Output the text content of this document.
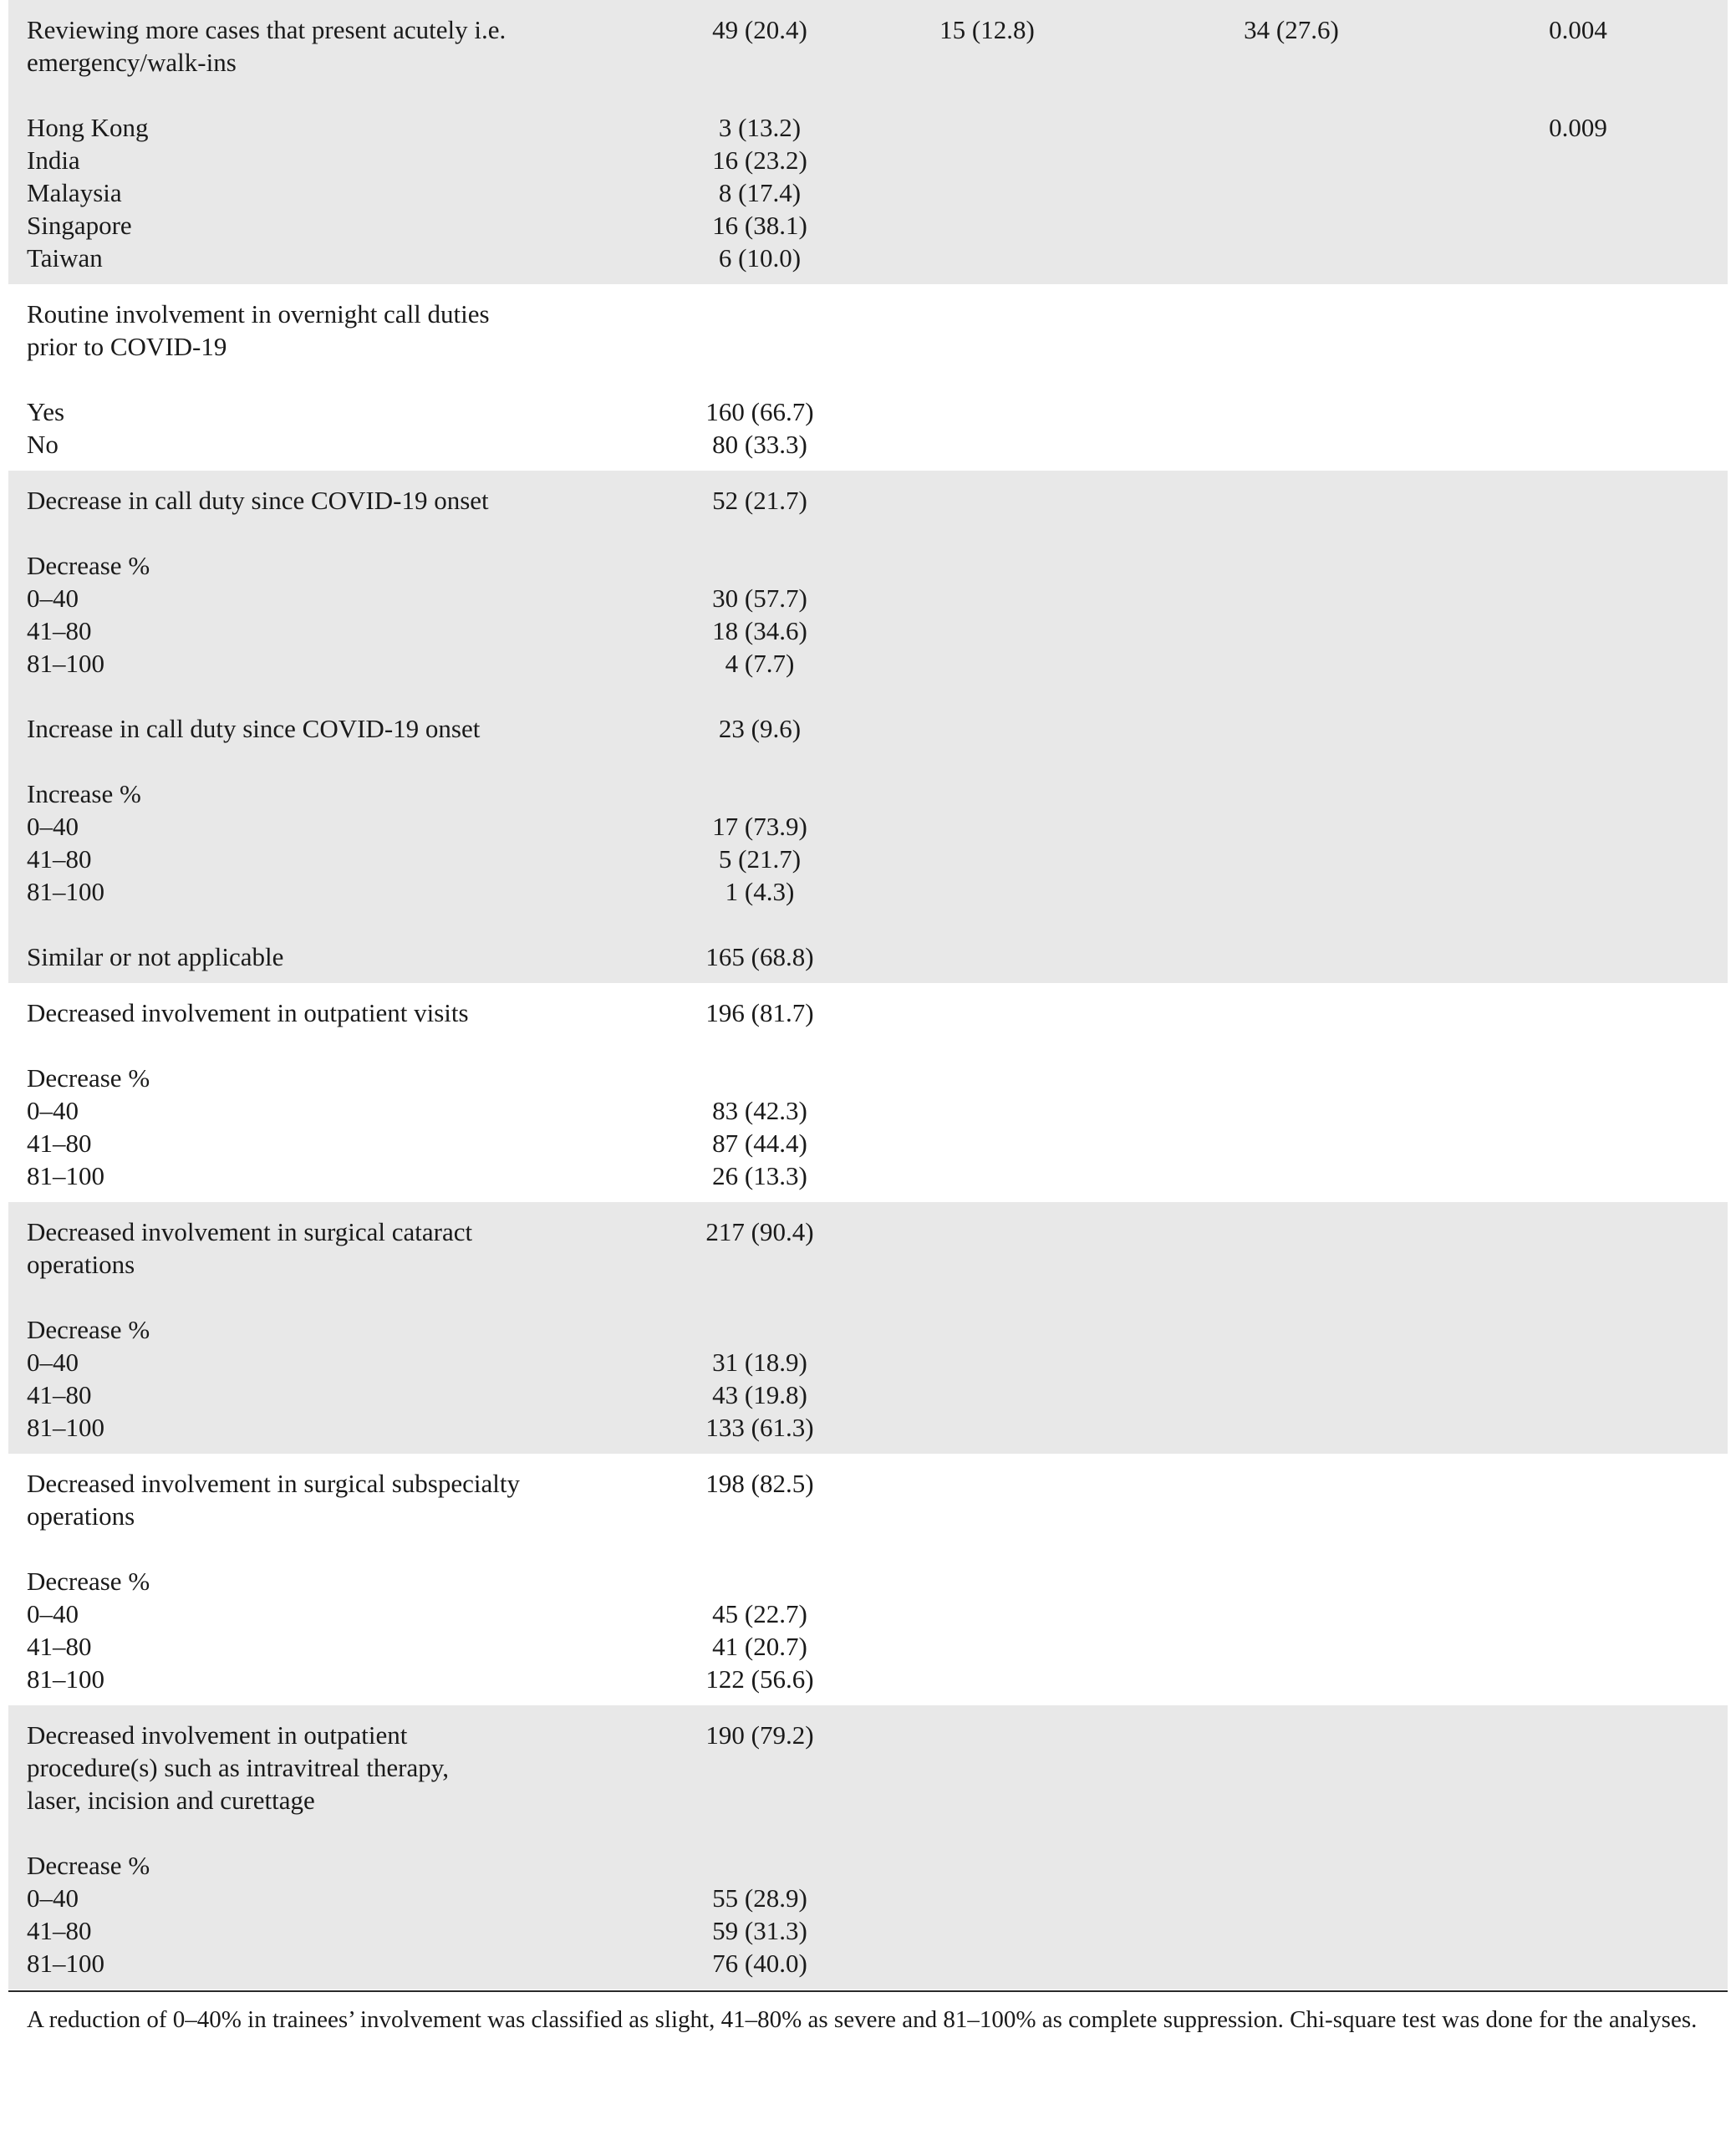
Reviewing more cases that present acutely i.e.
emergency/walk-ins	49 (20.4)	15 (12.8)	34 (27.6)	0.004

Hong Kong	3 (13.2)			0.009
India	16 (23.2)			
Malaysia	8 (17.4)			
Singapore	16 (38.1)			
Taiwan	6 (10.0)			
Routine involvement in overnight call duties
prior to COVID-19				

Yes	160 (66.7)			
No	80 (33.3)			
Decrease in call duty since COVID-19 onset	52 (21.7)			

Decrease %				
0–40	30 (57.7)			
41–80	18 (34.6)			
81–100	4 (7.7)			

Increase in call duty since COVID-19 onset	23 (9.6)			

Increase %				
0–40	17 (73.9)			
41–80	5 (21.7)			
81–100	1 (4.3)			

Similar or not applicable	165 (68.8)			
Decreased involvement in outpatient visits	196 (81.7)			

Decrease %				
0–40	83 (42.3)			
41–80	87 (44.4)			
81–100	26 (13.3)			
Decreased involvement in surgical cataract
operations	217 (90.4)			

Decrease %				
0–40	31 (18.9)			
41–80	43 (19.8)			
81–100	133 (61.3)			
Decreased involvement in surgical subspecialty
operations	198 (82.5)			

Decrease %				
0–40	45 (22.7)			
41–80	41 (20.7)			
81–100	122 (56.6)			
Decreased involvement in outpatient
procedure(s) such as intravitreal therapy,
laser, incision and curettage	190 (79.2)			

Decrease %				
0–40	55 (28.9)			
41–80	59 (31.3)			
81–100	76 (40.0)			
A reduction of 0–40% in trainees’ involvement was classified as slight, 41–80% as severe and 81–100% as complete suppression. Chi-square test was done for the analyses.
